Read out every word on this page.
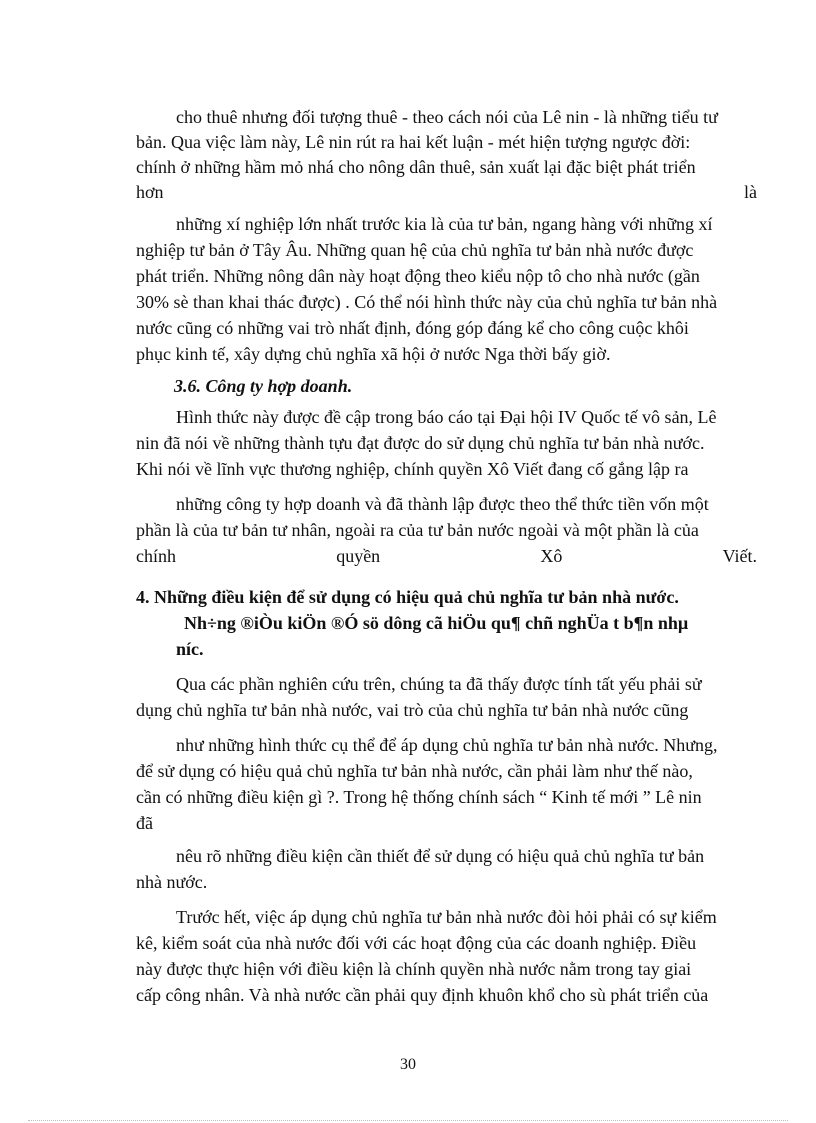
cho thuê nhưng đối tượng thuê - theo cách nói của Lê nin - là những tiểu tư
bản. Qua việc làm này, Lê nin rút ra hai kết luận - mét hiện tượng ngược đời:
chính ở những hầm mỏ nhá cho nông dân thuê, sản xuất lại đặc biệt phát triển
hơn	là
những xí nghiệp lớn nhất trước kia là của tư bản, ngang hàng với những xí
nghiệp tư bản ở Tây Âu. Những quan hệ của chủ nghĩa tư bản nhà nước được
phát triển. Những nông dân này hoạt động theo kiểu nộp tô cho nhà nước (gần
30% sè than khai thác được) . Có thể nói hình thức này của chủ nghĩa tư bản nhà
nước cũng có những vai trò nhất định, đóng góp đáng kể cho công cuộc khôi
phục kinh tế, xây dựng chủ nghĩa xã hội ở nước Nga thời bấy giờ.
3.6. Công ty hợp doanh.
Hình thức này được đề cập trong báo cáo tại Đại hội IV Quốc tế vô sản, Lê
nin đã nói về những thành tựu đạt được do sử dụng chủ nghĩa tư bản nhà nước.
Khi nói về lĩnh vực thương nghiệp, chính quyền Xô Viết đang cố gắng lập ra
những công ty hợp doanh và đã thành lập được theo thể thức tiền vốn một
phần là của tư bản tư nhân, ngoài ra của tư bản nước ngoài và một phần là của
chính	quyền	Xô	Viết.
4. Những điều kiện để sử dụng có hiệu quả chủ nghĩa tư bản nhà nước.
Nh÷ng ®iÒu kiÖn ®Ó sö dông cã hiÖu qu¶ chñ nghÜa t b¶n nhµ
níc.
Qua các phần nghiên cứu trên, chúng ta đã thấy được tính tất yếu phải sử
dụng chủ nghĩa tư bản nhà nước, vai trò của chủ nghĩa tư bản nhà nước cũng
như những hình thức cụ thể để áp dụng chủ nghĩa tư bản nhà nước. Nhưng,
để sử dụng có hiệu quả chủ nghĩa tư bản nhà nước, cần phải làm như thế nào,
cần có những điều kiện gì ?. Trong hệ thống chính sách “ Kinh tế mới ” Lê nin
đã
nêu rõ những điều kiện cần thiết để sử dụng có hiệu quả chủ nghĩa tư bản
nhà nước.
Trước hết, việc áp dụng chủ nghĩa tư bản nhà nước đòi hỏi phải có sự kiểm
kê, kiểm soát của nhà nước đối với các hoạt động của các doanh nghiệp. Điều
này được thực hiện với điều kiện là chính quyền nhà nước nằm trong tay giai
cấp công nhân. Và nhà nước cần phải quy định khuôn khổ cho sù phát triển của
30
